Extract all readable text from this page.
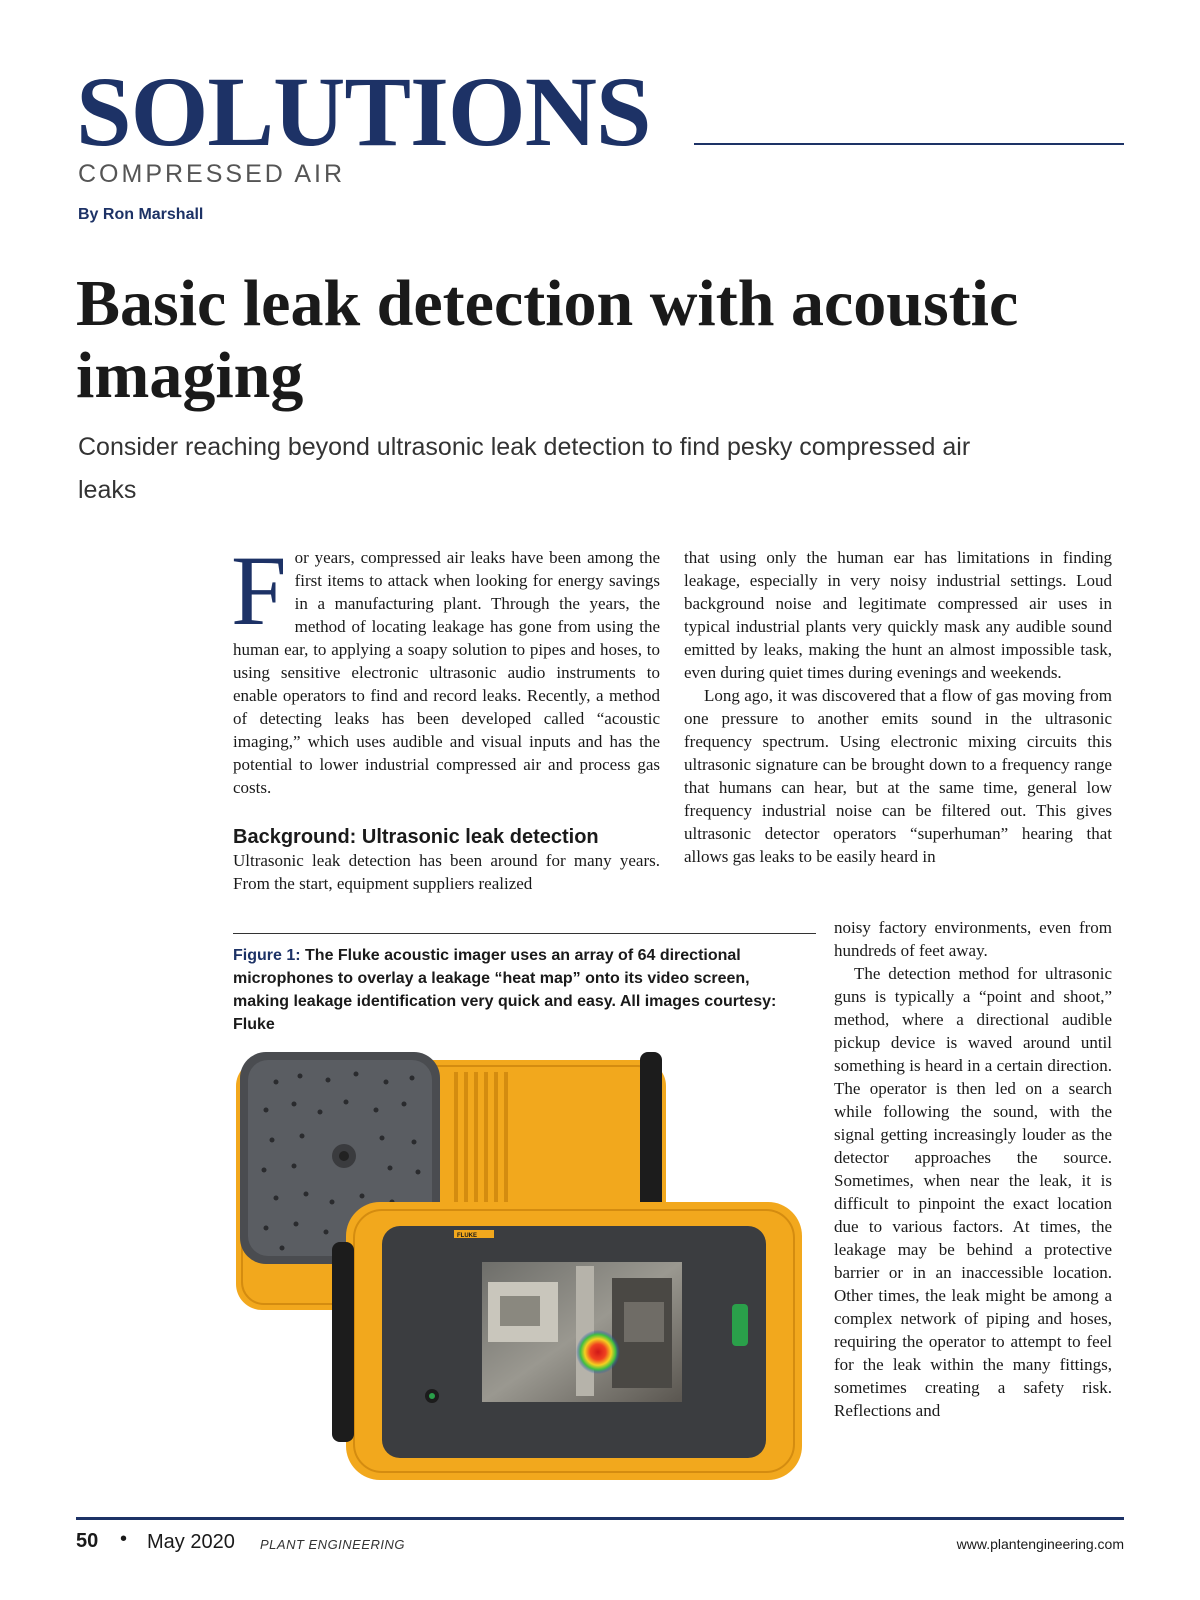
SOLUTIONS
COMPRESSED AIR
By Ron Marshall
Basic leak detection with acoustic imaging

Consider reaching beyond ultrasonic leak detection to find pesky compressed air leaks

For years, compressed air leaks have been among the first items to attack when looking for energy savings in a manufacturing plant. Through the years, the method of locating leakage has gone from using the human ear, to applying a soapy solution to pipes and hoses, to using sensitive electronic ultrasonic audio instruments to enable operators to find and record leaks. Recently, a method of detecting leaks has been developed called “acoustic imaging,” which uses audible and visual inputs and has the potential to lower industrial compressed air and process gas costs.

Background: Ultrasonic leak detection

Ultrasonic leak detection has been around for many years. From the start, equipment suppliers realized

that using only the human ear has limitations in finding leakage, especially in very noisy industrial settings. Loud background noise and legitimate compressed air uses in typical industrial plants very quickly mask any audible sound emitted by leaks, making the hunt an almost impossible task, even during quiet times during evenings and weekends.

Long ago, it was discovered that a flow of gas moving from one pressure to another emits sound in the ultrasonic frequency spectrum. Using electronic mixing circuits this ultrasonic signature can be brought down to a frequency range that humans can hear, but at the same time, general low frequency industrial noise can be filtered out. This gives ultrasonic detector operators “superhuman” hearing that allows gas leaks to be easily heard in

noisy factory environments, even from hundreds of feet away.

The detection method for ultrasonic guns is typically a “point and shoot,” method, where a directional audible pickup device is waved around until something is heard in a certain direction. The operator is then led on a search while following the sound, with the signal getting increasingly louder as the detector approaches the source. Sometimes, when near the leak, it is difficult to pinpoint the exact location due to various factors. At times, the leakage may be behind a protective barrier or in an inaccessible location. Other times, the leak might be among a complex network of piping and hoses, requiring the operator to attempt to feel for the leak within the many fittings, sometimes creating a safety risk. Reflections and

Figure 1: The Fluke acoustic imager uses an array of 64 directional microphones to overlay a leakage “heat map” onto its video screen, making leakage identification very quick and easy. All images courtesy: Fluke
FLUKE
50 • May 2020 PLANT ENGINEERING	www.plantengineering.com
